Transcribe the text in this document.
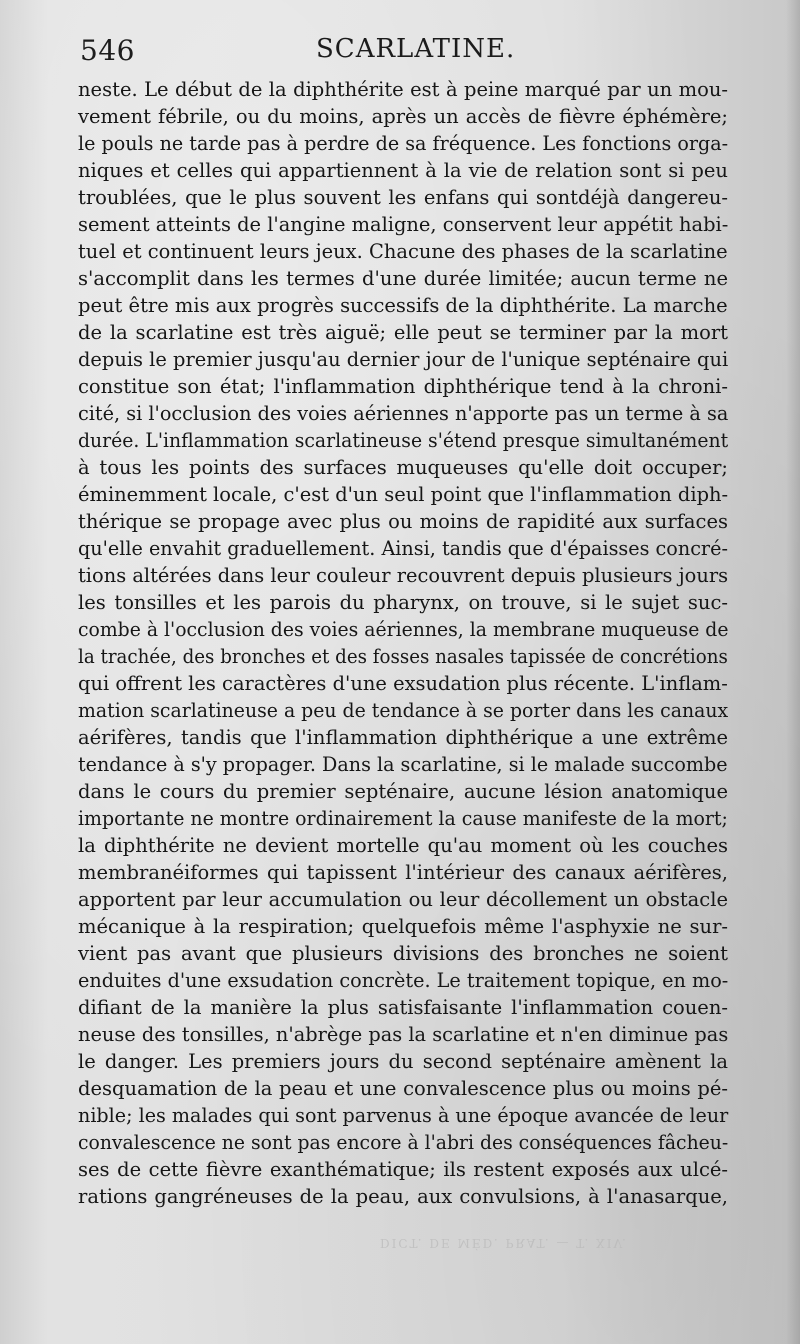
546	SCARLATINE.
neste. Le début de la diphthérite est à peine marqué par un mou-
vement fébrile, ou du moins, après un accès de fièvre éphémère;
le pouls ne tarde pas à perdre de sa fréquence. Les fonctions orga-
niques et celles qui appartiennent à la vie de relation sont si peu
troublées, que le plus souvent les enfans qui sontdéjà dangereu-
sement atteints de l'angine maligne, conservent leur appétit habi-
tuel et continuent leurs jeux. Chacune des phases de la scarlatine
s'accomplit dans les termes d'une durée limitée; aucun terme ne
peut être mis aux progrès successifs de la diphthérite. La marche
de la scarlatine est très aiguë; elle peut se terminer par la mort
depuis le premier jusqu'au dernier jour de l'unique septénaire qui
constitue son état; l'inflammation diphthérique tend à la chroni-
cité, si l'occlusion des voies aériennes n'apporte pas un terme à sa
durée. L'inflammation scarlatineuse s'étend presque simultanément
à tous les points des surfaces muqueuses qu'elle doit occuper;
éminemment locale, c'est d'un seul point que l'inflammation diph-
thérique se propage avec plus ou moins de rapidité aux surfaces
qu'elle envahit graduellement. Ainsi, tandis que d'épaisses concré-
tions altérées dans leur couleur recouvrent depuis plusieurs jours
les tonsilles et les parois du pharynx, on trouve, si le sujet suc-
combe à l'occlusion des voies aériennes, la membrane muqueuse de
la trachée, des bronches et des fosses nasales tapissée de concrétions
qui offrent les caractères d'une exsudation plus récente. L'inflam-
mation scarlatineuse a peu de tendance à se porter dans les canaux
aérifères, tandis que l'inflammation diphthérique a une extrême
tendance à s'y propager. Dans la scarlatine, si le malade succombe
dans le cours du premier septénaire, aucune lésion anatomique
importante ne montre ordinairement la cause manifeste de la mort;
la diphthérite ne devient mortelle qu'au moment où les couches
membranéiformes qui tapissent l'intérieur des canaux aérifères,
apportent par leur accumulation ou leur décollement un obstacle
mécanique à la respiration; quelquefois même l'asphyxie ne sur-
vient pas avant que plusieurs divisions des bronches ne soient
enduites d'une exsudation concrète. Le traitement topique, en mo-
difiant de la manière la plus satisfaisante l'inflammation couen-
neuse des tonsilles, n'abrège pas la scarlatine et n'en diminue pas
le danger. Les premiers jours du second septénaire amènent la
desquamation de la peau et une convalescence plus ou moins pé-
nible; les malades qui sont parvenus à une époque avancée de leur
convalescence ne sont pas encore à l'abri des conséquences fâcheu-
ses de cette fièvre exanthématique; ils restent exposés aux ulcé-
rations gangréneuses de la peau, aux convulsions, à l'anasarque,
DICT. DE MÉD. PRAT. — T. XIV.
